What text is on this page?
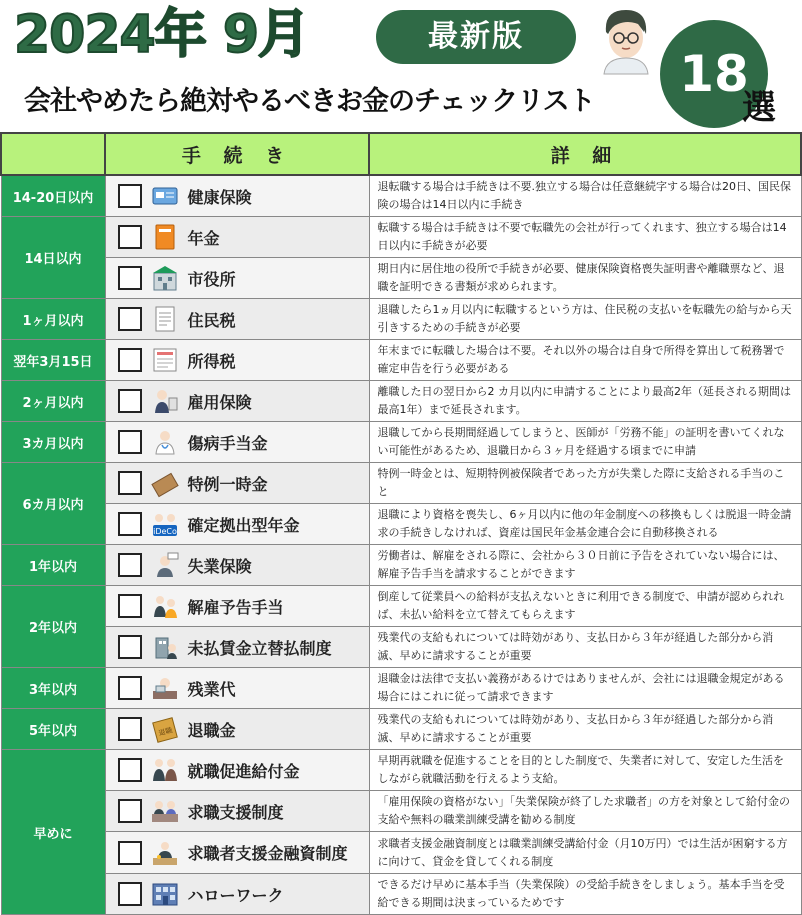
2024年 9月	最新版
会社やめたら絶対やるべきお金のチェックリスト	18
選
	手 続 き	詳 細
14-20日以内	健康保険	退転職する場合は手続きは不要.独立する場合は任意継続字する場合は20日、国民保険の場合は14日以内に手続き
14日以内	年金	転職する場合は手続きは不要で転職先の会社が行ってくれます、独立する場合は14日以内に手続きが必要

	市役所	期日内に居住地の役所で手続きが必要、健康保険資格喪失証明書や離職票など、退職を証明できる書類が求められます。
1ヶ月以内	住民税	退職したら1ヵ月以内に転職するという方は、住民税の支払いを転職先の給与から天引きするための手続きが必要
翌年3月15日	所得税	年末までに転職した場合は不要。それ以外の場合は自身で所得を算出して税務署で確定申告を行う必要がある
2ヶ月以内	雇用保険	離職した日の翌日から2 カ月以内に申請することにより最高2年（延長される期間は最高1年）まで延長されます。
3カ月以内	傷病手当金	退職してから長期間経過してしまうと、医師が「労務不能」の証明を書いてくれない可能性があるため、退職日から３ヶ月を経過する頃までに申請
6カ月以内	特例一時金	特例一時金とは、短期特例被保険者であった方が失業した際に支給される手当のこと

iDeCo 確定拠出型年金	退職により資格を喪失し、6ヶ月以内に他の年金制度への移換もしくは脱退一時金請求の手続きしなければ、資産は国民年金基金連合会に自動移換される
1年以内	失業保険	労働者は、解雇をされる際に、会社から３０日前に予告をされていない場合には、解雇予告手当を請求することができます
2年以内	解雇予告手当	倒産して従業員への給料が支払えないときに利用できる制度で、申請が認められれば、未払い給料を立て替えてもらえます

	未払賃金立替払制度	残業代の支給もれについては時効があり、支払日から３年が経過した部分から消滅、早めに請求することが重要
3年以内	残業代	退職金は法律で支払い義務があるけではありませんが、会社には退職金規定がある場合にはこれに従って請求できます
5年以内	退職 退職金	残業代の支給もれについては時効があり、支払日から３年が経過した部分から消滅、早めに請求することが重要
早めに	就職促進給付金	早期再就職を促進することを目的とした制度で、失業者に対して、安定した生活をしながら就職活動を行えるよう支給。

	求職支援制度	「雇用保険の資格がない」「失業保険が終了した求職者」の方を対象として給付金の支給や無料の職業訓練受講を勧める制度

	求職者支援金融資制度	求職者支援金融資制度とは職業訓練受講給付金（月10万円）では生活が困窮する方に向けて、貸金を貸してくれる制度

	ハローワーク	できるだけ早めに基本手当（失業保険）の受給手続きをしましょう。基本手当を受給できる期間は決まっているためです
